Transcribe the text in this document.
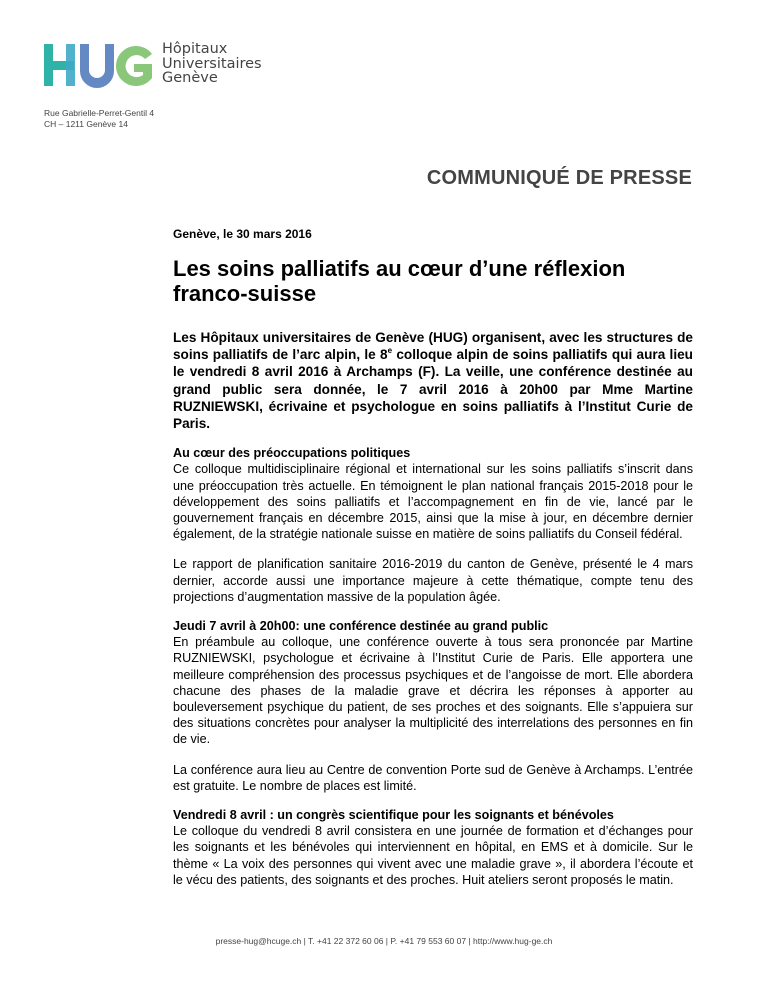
Hôpitaux
Universitaires
Genève
Rue Gabrielle-Perret-Gentil 4
CH – 1211 Genève 14
COMMUNIQUÉ DE PRESSE

Genève, le 30 mars 2016

Les soins palliatifs au cœur d’une réflexion
franco-suisse

Les Hôpitaux universitaires de Genève (HUG) organisent, avec les structures de soins palliatifs de l’arc alpin, le 8e colloque alpin de soins palliatifs qui aura lieu le vendredi 8 avril 2016 à Archamps (F). La veille, une conférence destinée au grand public sera donnée, le 7 avril 2016 à 20h00 par Mme Martine RUZNIEWSKI, écrivaine et psychologue en soins palliatifs à l’Institut Curie de Paris.

Au cœur des préoccupations politiques

Ce colloque multidisciplinaire régional et international sur les soins palliatifs s’inscrit dans une préoccupation très actuelle. En témoignent le plan national français 2015-2018 pour le développement des soins palliatifs et l’accompagnement en fin de vie, lancé par le gouvernement français en décembre 2015, ainsi que la mise à jour, en décembre dernier également, de la stratégie nationale suisse en matière de soins palliatifs du Conseil fédéral.

Le rapport de planification sanitaire 2016-2019 du canton de Genève, présenté le 4 mars dernier, accorde aussi une importance majeure à cette thématique, compte tenu des projections d’augmentation massive de la population âgée.

Jeudi 7 avril à 20h00: une conférence destinée au grand public

En préambule au colloque, une conférence ouverte à tous sera prononcée par Martine RUZNIEWSKI, psychologue et écrivaine à l’Institut Curie de Paris. Elle apportera une meilleure compréhension des processus psychiques et de l’angoisse de mort. Elle abordera chacune des phases de la maladie grave et décrira les réponses à apporter au bouleversement psychique du patient, de ses proches et des soignants. Elle s’appuiera sur des situations concrètes pour analyser la multiplicité des interrelations des personnes en fin de vie.

La conférence aura lieu au Centre de convention Porte sud de Genève à Archamps. L’entrée est gratuite. Le nombre de places est limité.

Vendredi 8 avril : un congrès scientifique pour les soignants et bénévoles

Le colloque du vendredi 8 avril consistera en une journée de formation et d’échanges pour les soignants et les bénévoles qui interviennent en hôpital, en EMS et à domicile. Sur le thème « La voix des personnes qui vivent avec une maladie grave », il abordera l’écoute et le vécu des patients, des soignants et des proches. Huit ateliers seront proposés le matin.

presse-hug@hcuge.ch | T. +41 22 372 60 06 | P. +41 79 553 60 07 | http://www.hug-ge.ch
